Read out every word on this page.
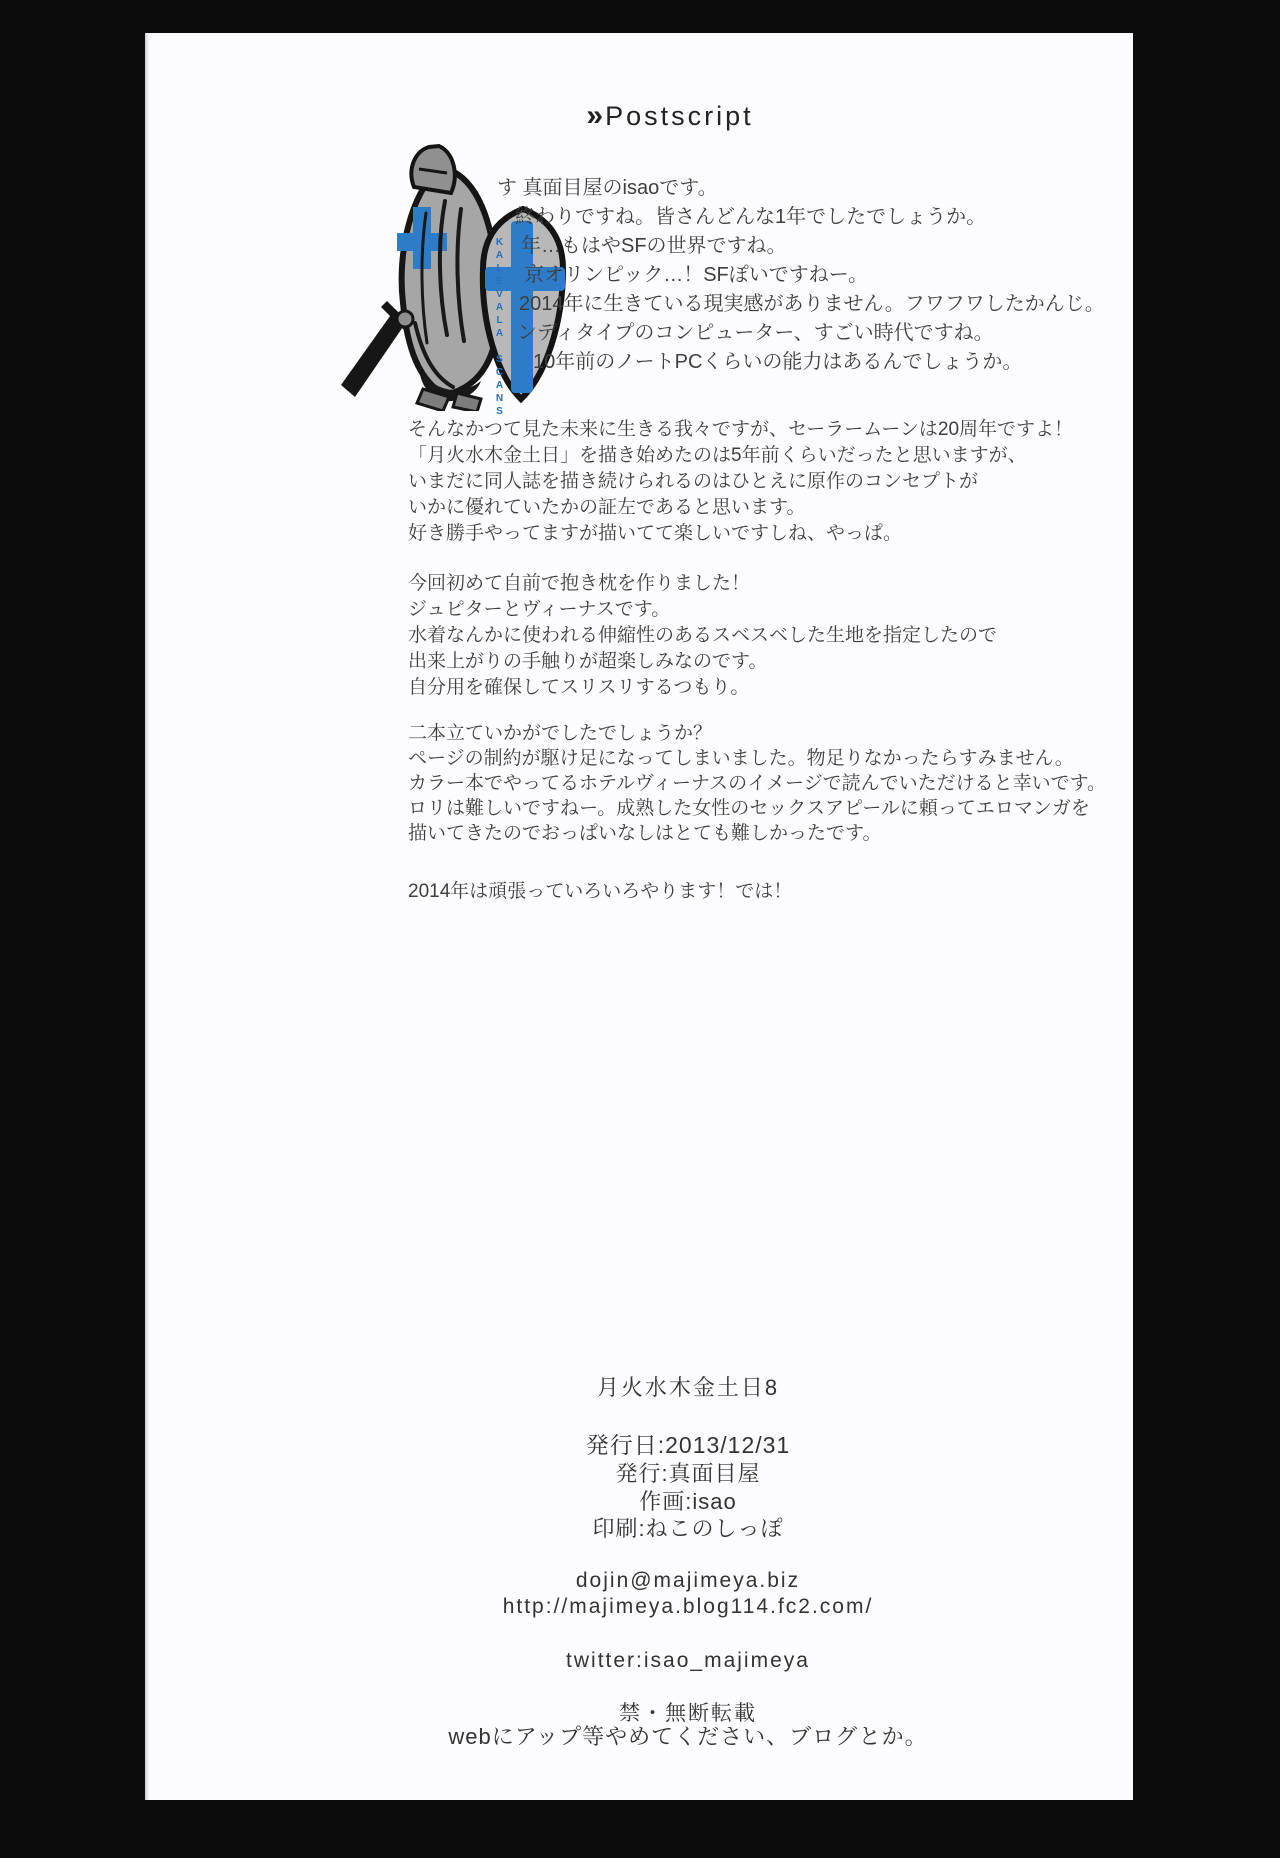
» Postscript
KALEVALA SCANS
す 真面目屋のisaoです。
終わりですね。皆さんどんな1年でしたでしょうか。
年…もはやSFの世界ですね。
京オリンピック…！SFぽいですねー。
2014年に生きている現実感がありません。フワフワしたかんじ。
ンディタイプのコンピューター、すごい時代ですね。
10年前のノートPCくらいの能力はあるんでしょうか。
そんなかつて見た未来に生きる我々ですが、セーラームーンは20周年ですよ！
「月火水木金土日」を描き始めたのは5年前くらいだったと思いますが、
いまだに同人誌を描き続けられるのはひとえに原作のコンセプトが
いかに優れていたかの証左であると思います。
好き勝手やってますが描いてて楽しいですしね、やっぱ。
今回初めて自前で抱き枕を作りました！
ジュピターとヴィーナスです。
水着なんかに使われる伸縮性のあるスベスベした生地を指定したので
出来上がりの手触りが超楽しみなのです。
自分用を確保してスリスリするつもり。
二本立ていかがでしたでしょうか？
ページの制約が駆け足になってしまいました。物足りなかったらすみません。
カラー本でやってるホテルヴィーナスのイメージで読んでいただけると幸いです。
ロリは難しいですねー。成熟した女性のセックスアピールに頼ってエロマンガを
描いてきたのでおっぱいなしはとても難しかったです。
2014年は頑張っていろいろやります！では！
月火水木金土日8
発行日:2013/12/31
発行:真面目屋
作画:isao
印刷:ねこのしっぽ
dojin@majimeya.biz
http://majimeya.blog114.fc2.com/
twitter:isao_majimeya
禁・無断転載
webにアップ等やめてください、ブログとか。
